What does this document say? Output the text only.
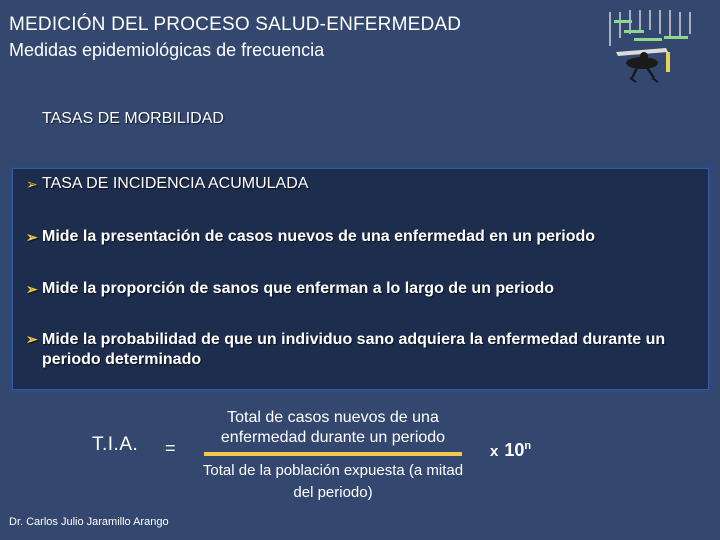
MEDICIÓN DEL PROCESO SALUD-ENFERMEDAD
Medidas epidemiológicas de frecuencia
TASAS DE MORBILIDAD
➢ TASA DE INCIDENCIA ACUMULADA
➢ Mide la presentación de casos nuevos de una enfermedad en un periodo
➢ Mide la proporción de sanos que enferman a lo largo de un periodo
➢ Mide la probabilidad de que un individuo sano adquiera la enfermedad durante un periodo determinado
T.I.A. =
Total de casos nuevos de una enfermedad durante un periodo
Total de la población expuesta (a mitad del periodo)
x 10$^n$
Dr. Carlos Julio Jaramillo Arango
